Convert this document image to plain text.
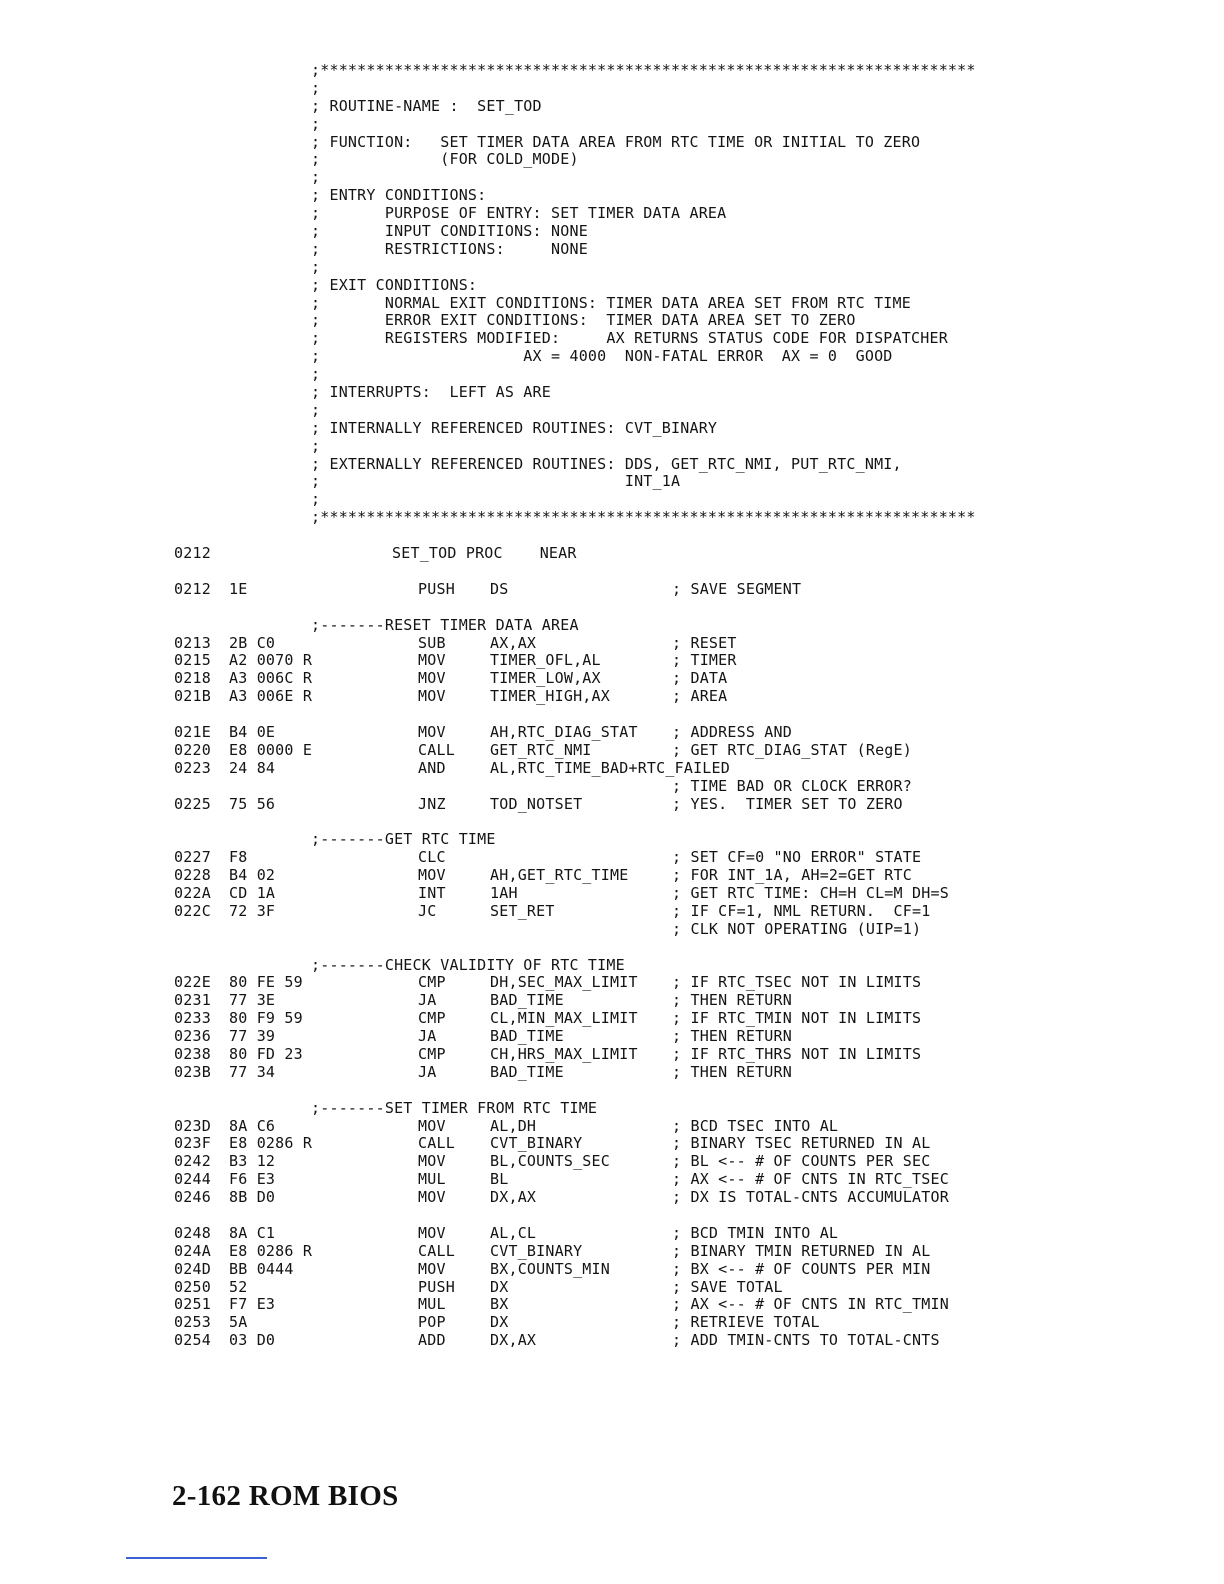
;***********************************************************************
;
; ROUTINE-NAME :  SET_TOD
;
; FUNCTION:   SET TIMER DATA AREA FROM RTC TIME OR INITIAL TO ZERO
;             (FOR COLD_MODE)
;
; ENTRY CONDITIONS:
;       PURPOSE OF ENTRY: SET TIMER DATA AREA
;       INPUT CONDITIONS: NONE
;       RESTRICTIONS:     NONE
;
; EXIT CONDITIONS:
;       NORMAL EXIT CONDITIONS: TIMER DATA AREA SET FROM RTC TIME
;       ERROR EXIT CONDITIONS:  TIMER DATA AREA SET TO ZERO
;       REGISTERS MODIFIED:     AX RETURNS STATUS CODE FOR DISPATCHER
;                      AX = 4000  NON-FATAL ERROR  AX = 0  GOOD
;
; INTERRUPTS:  LEFT AS ARE
;
; INTERNALLY REFERENCED ROUTINES: CVT_BINARY
;
; EXTERNALLY REFERENCED ROUTINES: DDS, GET_RTC_NMI, PUT_RTC_NMI,
;                                 INT_1A
;
;***********************************************************************
0212	SET_TOD PROC    NEAR
0212 1E	PUSH DS	; SAVE SEGMENT
;-------RESET TIMER DATA AREA
0213 2B C0	SUB	AX,AX	; RESET
0215 A2 0070 R	MOV	TIMER_OFL,AL	; TIMER
0218 A3 006C R	MOV	TIMER_LOW,AX	; DATA
021B A3 006E R	MOV	TIMER_HIGH,AX	; AREA
021E B4 0E	MOV	AH,RTC_DIAG_STAT ; ADDRESS AND
0220 E8 0000 E	CALL GET_RTC_NMI	; GET RTC_DIAG_STAT (RegE)
0223 24 84	AND	AL,RTC_TIME_BAD+RTC_FAILED
; TIME BAD OR CLOCK ERROR?
0225 75 56	JNZ	TOD_NOTSET	; YES.  TIMER SET TO ZERO
;-------GET RTC TIME
0227 F8	CLC	; SET CF=0 "NO ERROR" STATE
0228 B4 02	MOV	AH,GET_RTC_TIME	; FOR INT_1A, AH=2=GET RTC
022A CD 1A	INT	1AH	; GET RTC TIME: CH=H CL=M DH=S
022C 72 3F	JC	SET_RET	; IF CF=1, NML RETURN.  CF=1
; CLK NOT OPERATING (UIP=1)
;-------CHECK VALIDITY OF RTC TIME
022E 80 FE 59	CMP	DH,SEC_MAX_LIMIT ; IF RTC_TSEC NOT IN LIMITS
0231 77 3E	JA	BAD_TIME	; THEN RETURN
0233 80 F9 59	CMP	CL,MIN_MAX_LIMIT ; IF RTC_TMIN NOT IN LIMITS
0236 77 39	JA	BAD_TIME	; THEN RETURN
0238 80 FD 23	CMP	CH,HRS_MAX_LIMIT ; IF RTC_THRS NOT IN LIMITS
023B 77 34	JA	BAD_TIME	; THEN RETURN
;-------SET TIMER FROM RTC TIME
023D 8A C6	MOV	AL,DH	; BCD TSEC INTO AL
023F E8 0286 R	CALL CVT_BINARY	; BINARY TSEC RETURNED IN AL
0242 B3 12	MOV	BL,COUNTS_SEC	; BL <-- # OF COUNTS PER SEC
0244 F6 E3	MUL	BL	; AX <-- # OF CNTS IN RTC_TSEC
0246 8B D0	MOV	DX,AX	; DX IS TOTAL-CNTS ACCUMULATOR
0248 8A C1	MOV	AL,CL	; BCD TMIN INTO AL
024A E8 0286 R	CALL CVT_BINARY	; BINARY TMIN RETURNED IN AL
024D BB 0444	MOV	BX,COUNTS_MIN	; BX <-- # OF COUNTS PER MIN
0250 52	PUSH DX	; SAVE TOTAL
0251 F7 E3	MUL	BX	; AX <-- # OF CNTS IN RTC_TMIN
0253 5A	POP	DX	; RETRIEVE TOTAL
0254 03 D0	ADD	DX,AX	; ADD TMIN-CNTS TO TOTAL-CNTS
2-162 ROM BIOS
